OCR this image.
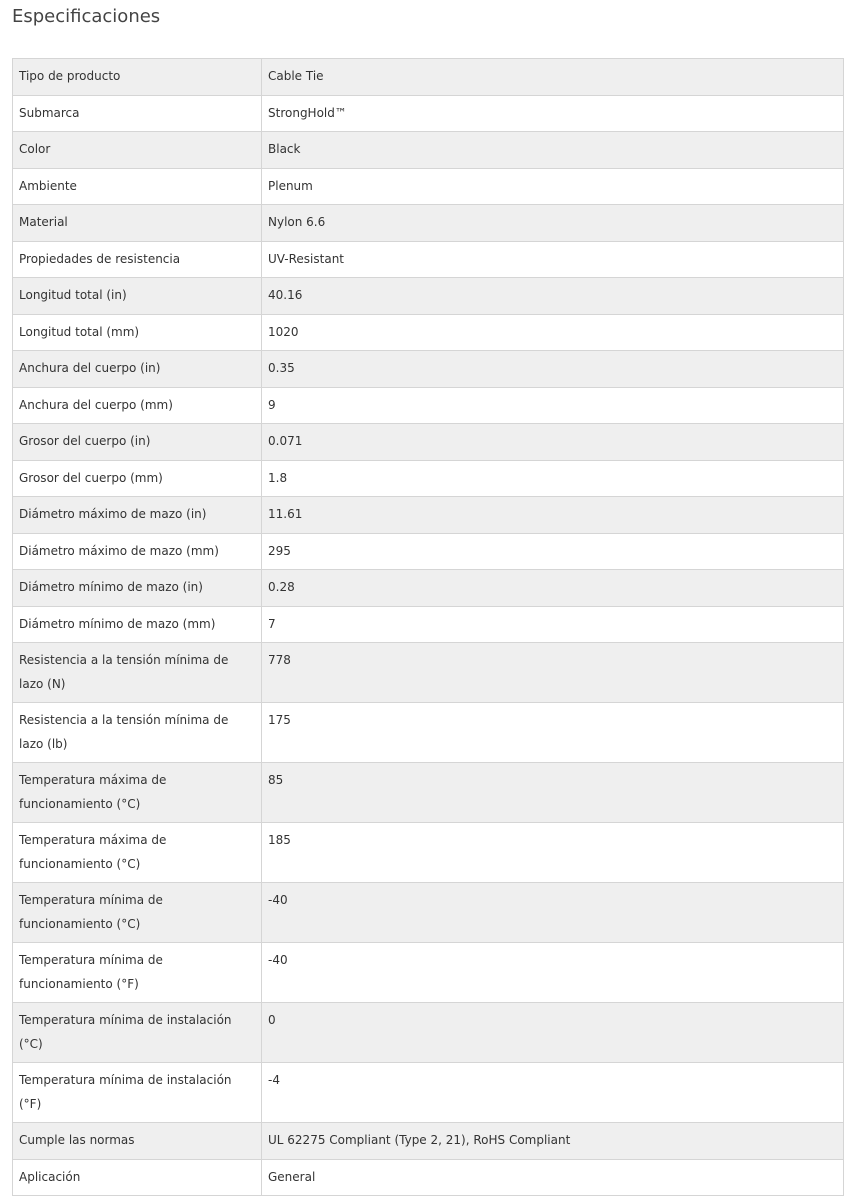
Especificaciones
Tipo de producto	Cable Tie
Submarca	StrongHold™
Color	Black
Ambiente	Plenum
Material	Nylon 6.6
Propiedades de resistencia	UV-Resistant
Longitud total (in)	40.16
Longitud total (mm)	1020
Anchura del cuerpo (in)	0.35
Anchura del cuerpo (mm)	9
Grosor del cuerpo (in)	0.071
Grosor del cuerpo (mm)	1.8
Diámetro máximo de mazo (in)	11.61
Diámetro máximo de mazo (mm)	295
Diámetro mínimo de mazo (in)	0.28
Diámetro mínimo de mazo (mm)	7
Resistencia a la tensión mínima de lazo (N)	778
Resistencia a la tensión mínima de lazo (lb)	175
Temperatura máxima de funcionamiento (°C)	85
Temperatura máxima de funcionamiento (°C)	185
Temperatura mínima de funcionamiento (°C)	-40
Temperatura mínima de funcionamiento (°F)	-40
Temperatura mínima de instalación (°C)	0
Temperatura mínima de instalación (°F)	-4
Cumple las normas	UL 62275 Compliant (Type 2, 21), RoHS Compliant
Aplicación	General
